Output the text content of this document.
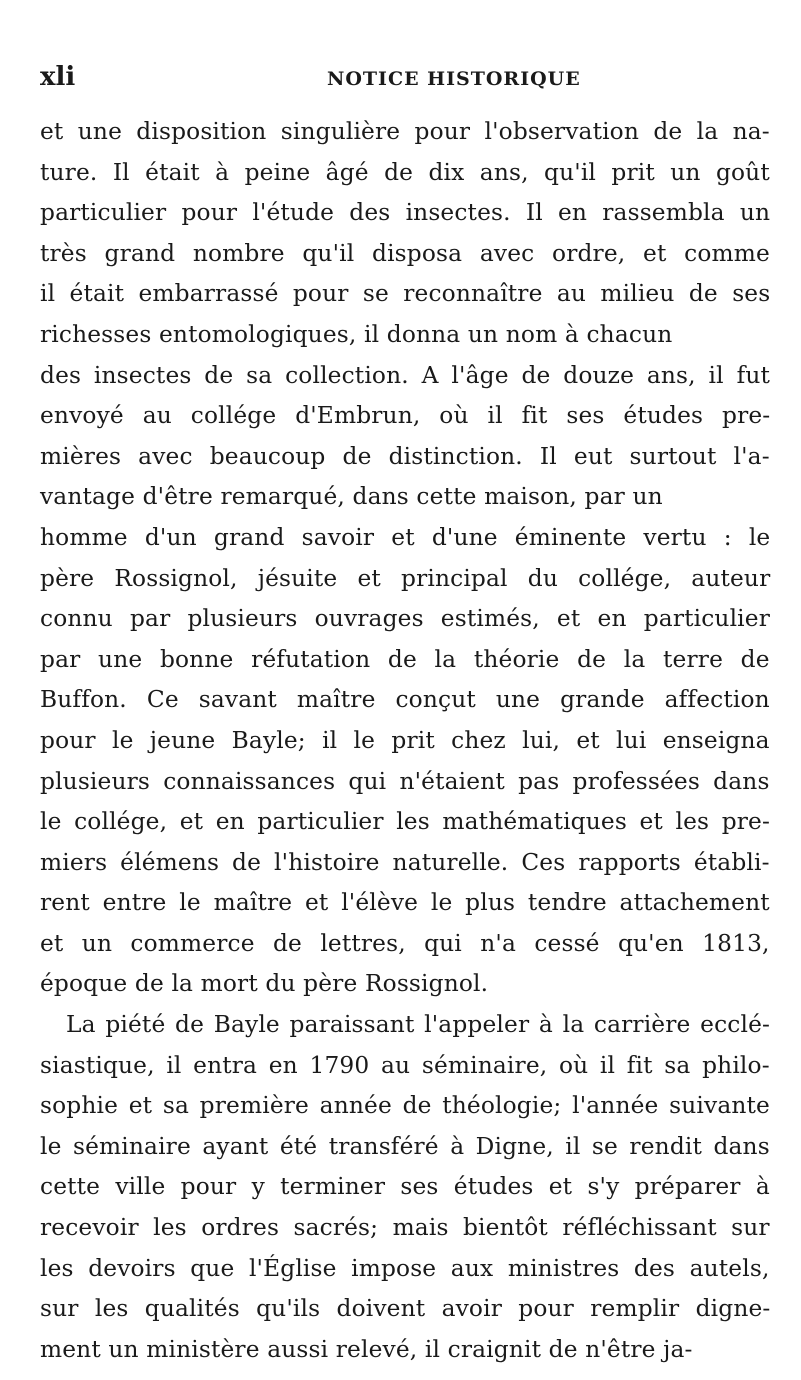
xli	NOTICE HISTORIQUE
et une disposition singulière pour l'observation de la na-
ture. Il était à peine âgé de dix ans, qu'il prit un goût
particulier pour l'étude des insectes. Il en rassembla un
très grand nombre qu'il disposa avec ordre, et comme
il était embarrassé pour se reconnaître au milieu de ses
richesses entomologiques, il donna un nom à chacun
des insectes de sa collection. A l'âge de douze ans, il fut
envoyé au collége d'Embrun, où il fit ses études pre-
mières avec beaucoup de distinction. Il eut surtout l'a-
vantage d'être remarqué, dans cette maison, par un
homme d'un grand savoir et d'une éminente vertu : le
père Rossignol, jésuite et principal du collége, auteur
connu par plusieurs ouvrages estimés, et en particulier
par une bonne réfutation de la théorie de la terre de
Buffon. Ce savant maître conçut une grande affection
pour le jeune Bayle; il le prit chez lui, et lui enseigna
plusieurs connaissances qui n'étaient pas professées dans
le collége, et en particulier les mathématiques et les pre-
miers élémens de l'histoire naturelle. Ces rapports établi-
rent entre le maître et l'élève le plus tendre attachement
et un commerce de lettres, qui n'a cessé qu'en 1813,
époque de la mort du père Rossignol.
La piété de Bayle paraissant l'appeler à la carrière ecclé-
siastique, il entra en 1790 au séminaire, où il fit sa philo-
sophie et sa première année de théologie; l'année suivante
le séminaire ayant été transféré à Digne, il se rendit dans
cette ville pour y terminer ses études et s'y préparer à
recevoir les ordres sacrés; mais bientôt réfléchissant sur
les devoirs que l'Église impose aux ministres des autels,
sur les qualités qu'ils doivent avoir pour remplir digne-
ment un ministère aussi relevé, il craignit de n'être ja-
